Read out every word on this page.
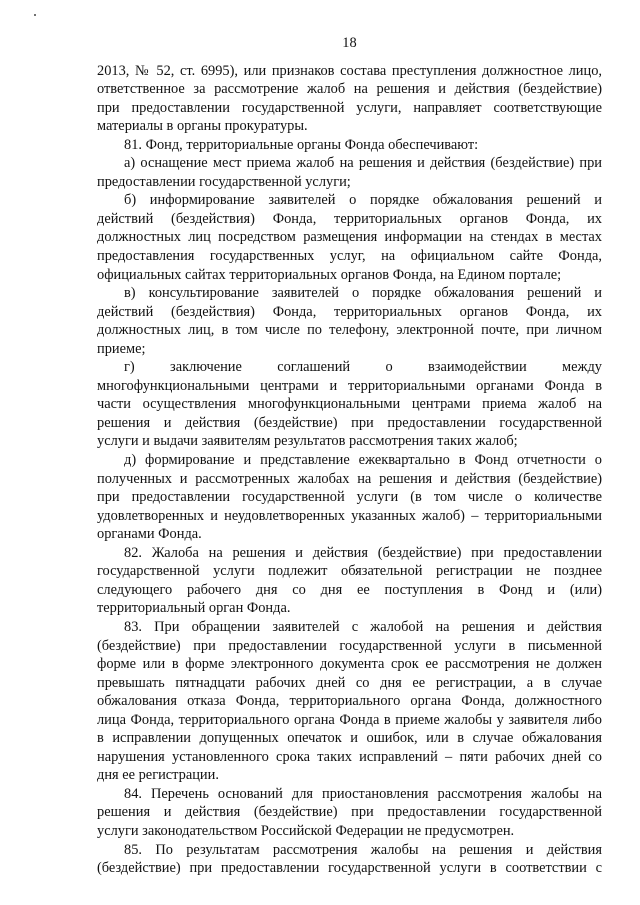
18
2013, № 52, ст. 6995), или признаков состава преступления должностное лицо,
ответственное за рассмотрение жалоб на решения и действия (бездействие)
при предоставлении государственной услуги, направляет соответствующие
материалы в органы прокуратуры.
81. Фонд, территориальные органы Фонда обеспечивают:
а) оснащение мест приема жалоб на решения и действия (бездействие) при
предоставлении государственной услуги;
б) информирование заявителей о порядке обжалования решений и
действий (бездействия) Фонда, территориальных органов Фонда, их
должностных лиц посредством размещения информации на стендах в местах
предоставления государственных услуг, на официальном сайте Фонда,
официальных сайтах территориальных органов Фонда, на Едином портале;
в) консультирование заявителей о порядке обжалования решений и
действий (бездействия) Фонда, территориальных органов Фонда, их
должностных лиц, в том числе по телефону, электронной почте, при личном
приеме;
г) заключение соглашений о взаимодействии между
многофункциональными центрами и территориальными органами Фонда в
части осуществления многофункциональными центрами приема жалоб на
решения и действия (бездействие) при предоставлении государственной
услуги и выдачи заявителям результатов рассмотрения таких жалоб;
д) формирование и представление ежеквартально в Фонд отчетности о
полученных и рассмотренных жалобах на решения и действия (бездействие)
при предоставлении государственной услуги (в том числе о количестве
удовлетворенных и неудовлетворенных указанных жалоб) – территориальными
органами Фонда.
82. Жалоба на решения и действия (бездействие) при предоставлении
государственной услуги подлежит обязательной регистрации не позднее
следующего рабочего дня со дня ее поступления в Фонд и (или)
территориальный орган Фонда.
83. При обращении заявителей с жалобой на решения и действия
(бездействие) при предоставлении государственной услуги в письменной
форме или в форме электронного документа срок ее рассмотрения не должен
превышать пятнадцати рабочих дней со дня ее регистрации, а в случае
обжалования отказа Фонда, территориального органа Фонда, должностного
лица Фонда, территориального органа Фонда в приеме жалобы у заявителя либо
в исправлении допущенных опечаток и ошибок, или в случае обжалования
нарушения установленного срока таких исправлений – пяти рабочих дней со
дня ее регистрации.
84. Перечень оснований для приостановления рассмотрения жалобы на
решения и действия (бездействие) при предоставлении государственной
услуги законодательством Российской Федерации не предусмотрен.
85. По результатам рассмотрения жалобы на решения и действия
(бездействие) при предоставлении государственной услуги в соответствии с
